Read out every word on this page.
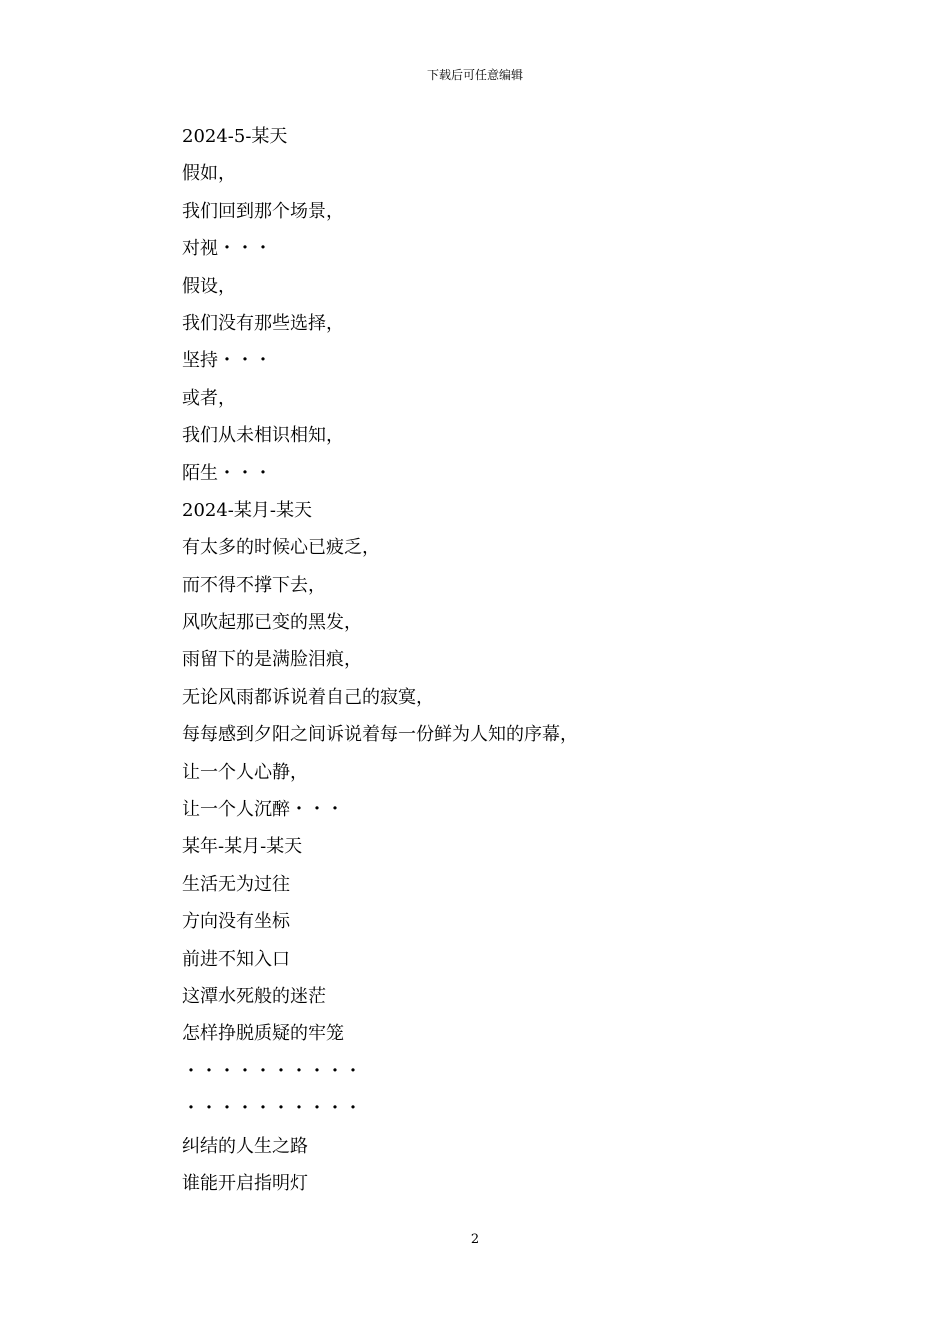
下载后可任意编辑

2024-5-某天

假如，

我们回到那个场景，

对视・・・

假设，

我们没有那些选择，

坚持・・・

或者，

我们从未相识相知，

陌生・・・

2024-某月-某天

有太多的时候心已疲乏，

而不得不撑下去，

风吹起那已变的黑发，

雨留下的是满脸泪痕，

无论风雨都诉说着自己的寂寞，

每每感到夕阳之间诉说着每一份鲜为人知的序幕，

让一个人心静，

让一个人沉醉・・・

某年-某月-某天

生活无为过往

方向没有坐标

前进不知入口

这潭水死般的迷茫

怎样挣脱质疑的牢笼

・・・・・・・・・・

・・・・・・・・・・

纠结的人生之路

谁能开启指明灯

2
